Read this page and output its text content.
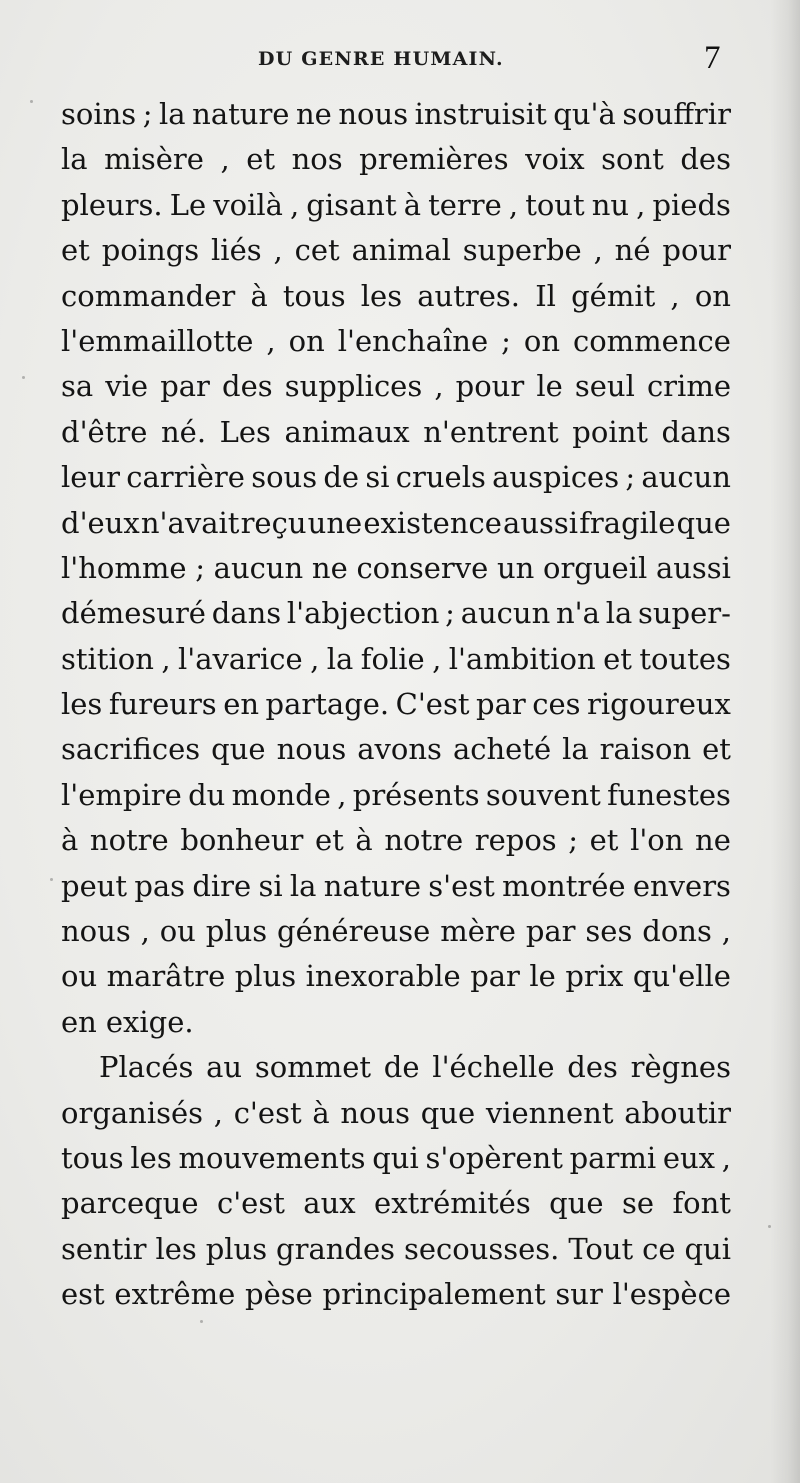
DU GENRE HUMAIN.	7
soins ; la nature ne nous instruisit qu'à souffrir
la misère , et nos premières voix sont des
pleurs. Le voilà , gisant à terre , tout nu , pieds
et poings liés , cet animal superbe , né pour
commander à tous les autres. Il gémit , on
l'emmaillotte , on l'enchaîne ; on commence
sa vie par des supplices , pour le seul crime
d'être né. Les animaux n'entrent point dans
leur carrière sous de si cruels auspices ; aucun
d'eux n'avait reçu une existence aussi fragile que
l'homme ; aucun ne conserve un orgueil aussi
démesuré dans l'abjection ; aucun n'a la super-
stition , l'avarice , la folie , l'ambition et toutes
les fureurs en partage. C'est par ces rigoureux
sacrifices que nous avons acheté la raison et
l'empire du monde , présents souvent funestes
à notre bonheur et à notre repos ; et l'on ne
peut pas dire si la nature s'est montrée envers
nous , ou plus généreuse mère par ses dons ,
ou marâtre plus inexorable par le prix qu'elle
en exige.
Placés au sommet de l'échelle des règnes
organisés , c'est à nous que viennent aboutir
tous les mouvements qui s'opèrent parmi eux ,
parceque c'est aux extrémités que se font
sentir les plus grandes secousses. Tout ce qui
est extrême pèse principalement sur l'espèce
